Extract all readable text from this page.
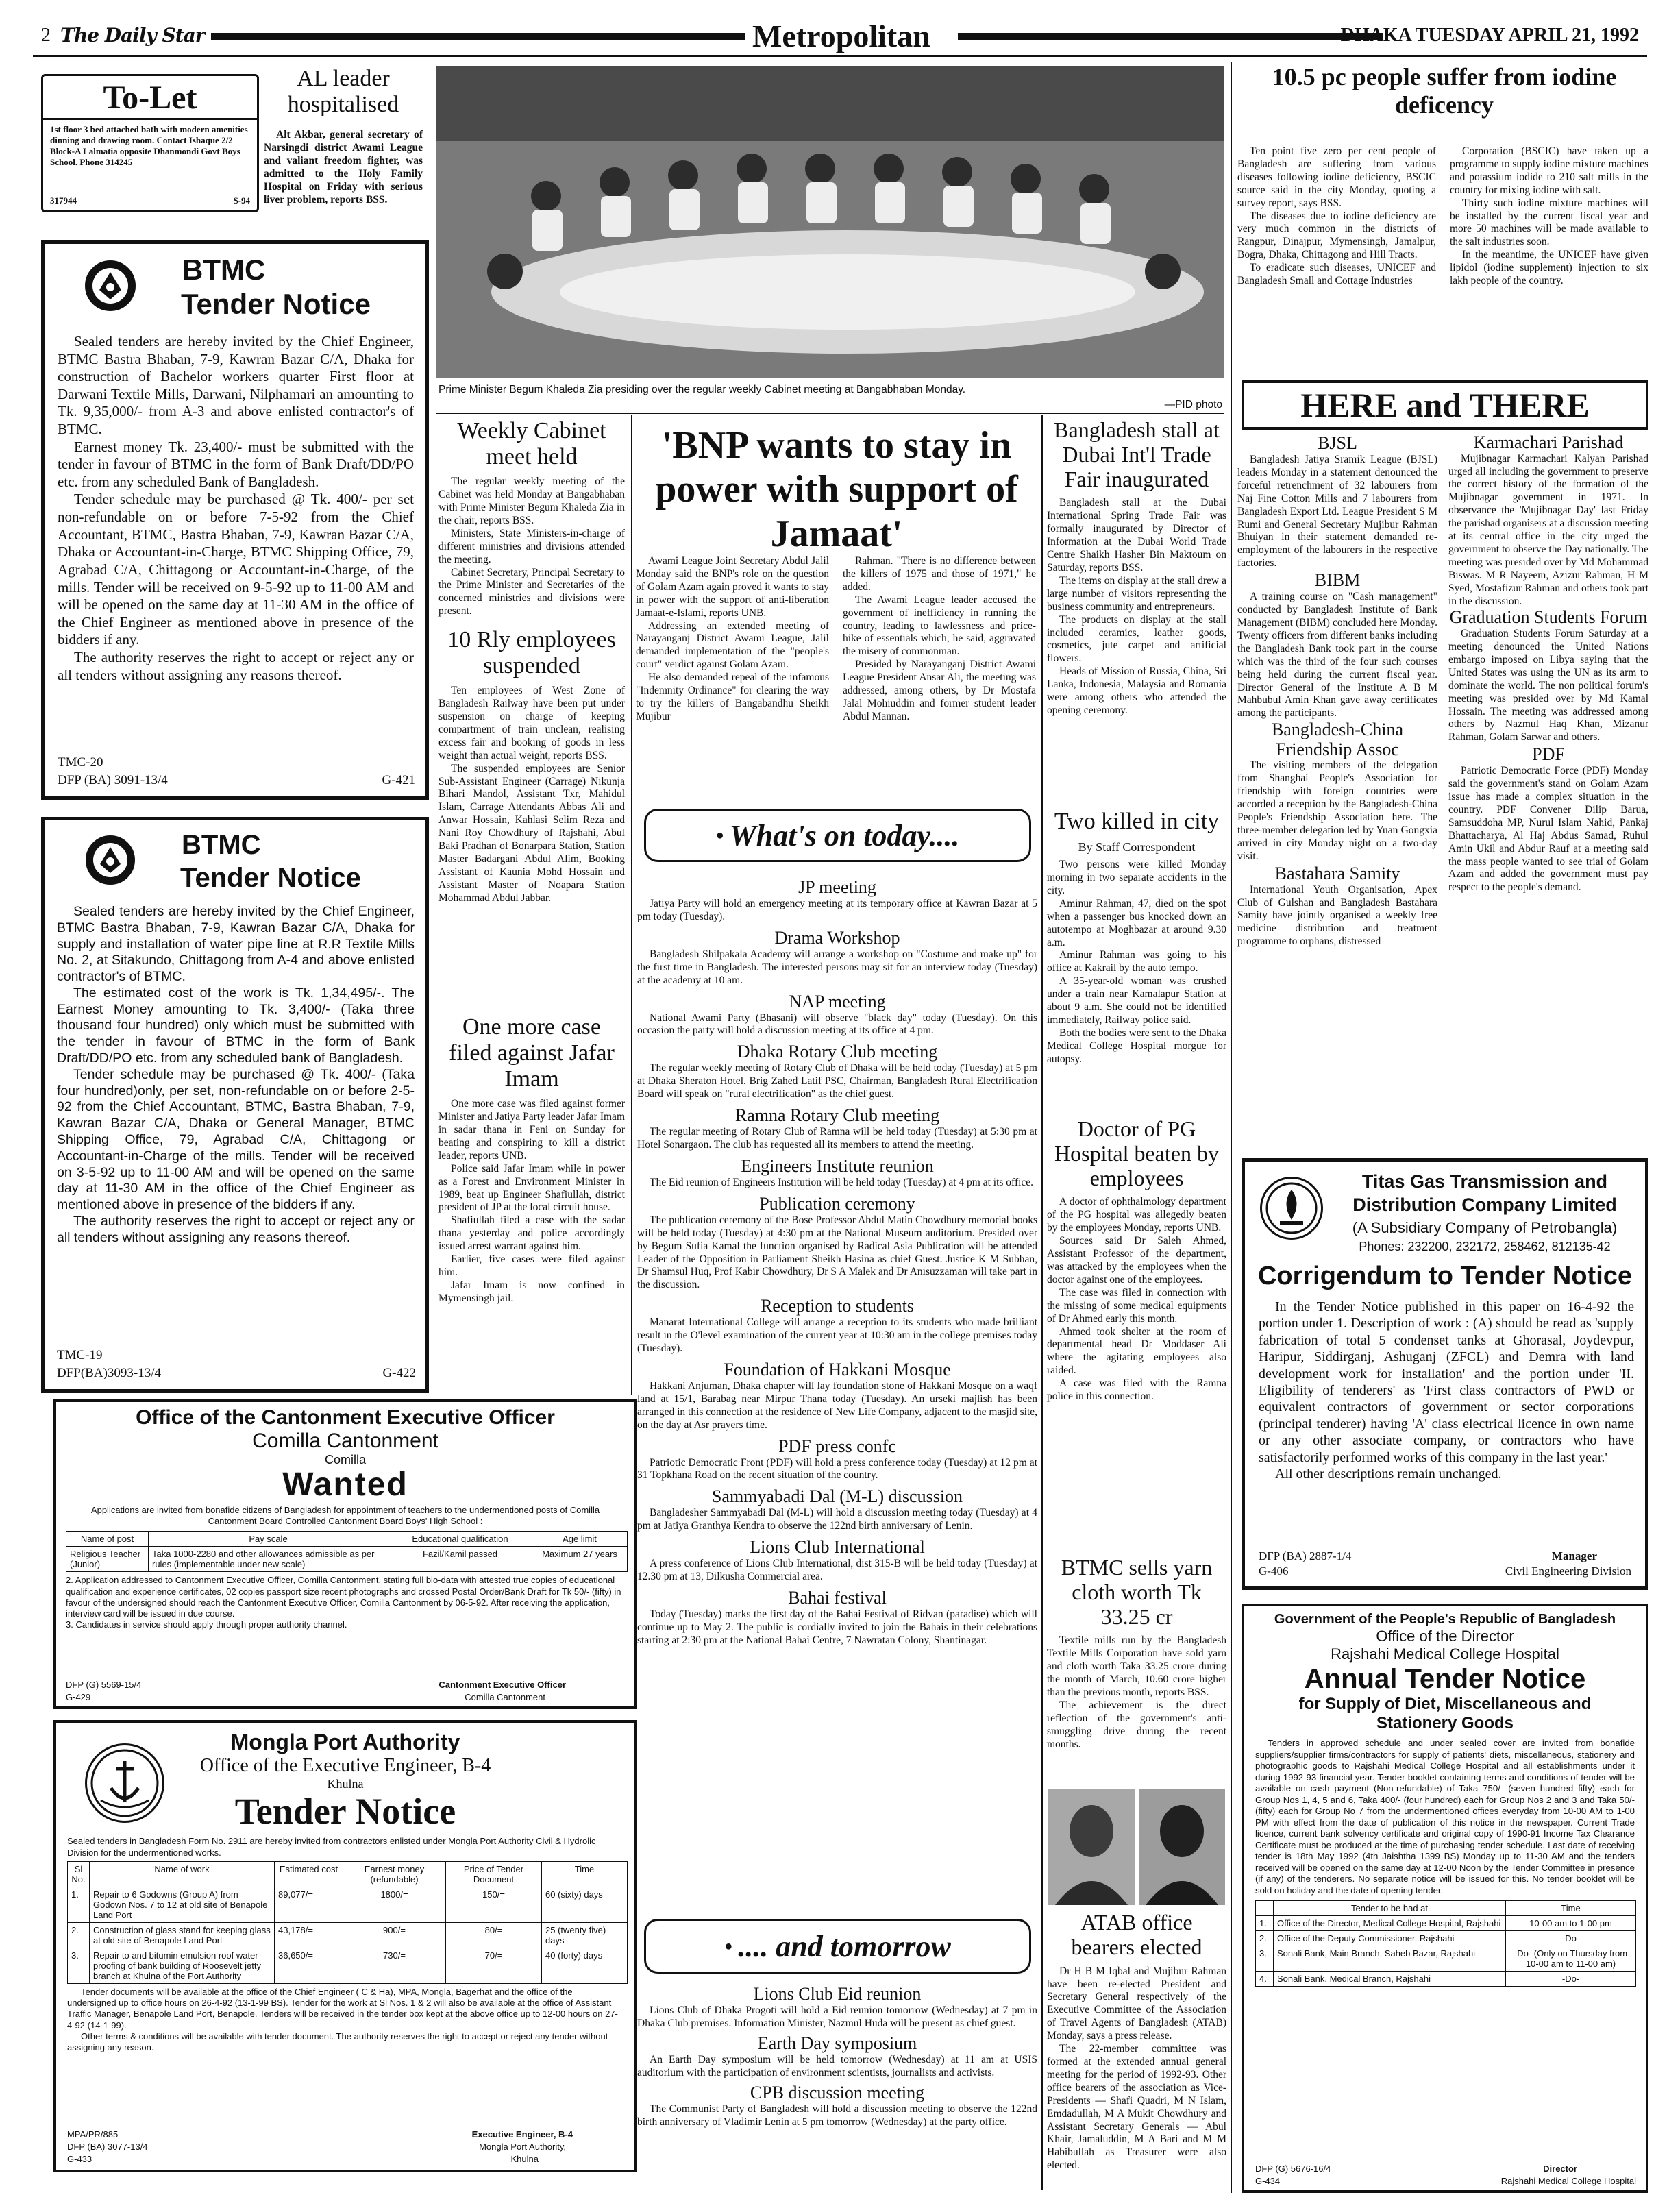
2 The Daily Star	Metropolitan	DHAKA TUESDAY APRIL 21, 1992
To-Let
1st floor 3 bed attached bath with modern amenities dinning and drawing room. Contact Ishaque 2/2 Block-A Lalmatia opposite Dhanmondi Govt Boys School. Phone 314245
317944	S-94
AL leader hospitalised
Alt Akbar, general secretary of Narsingdi district Awami League and valiant freedom fighter, was admitted to the Holy Family Hospital on Friday with serious liver problem, reports BSS.
BTMC
Tender Notice

Sealed tenders are hereby invited by the Chief Engineer, BTMC Bastra Bhaban, 7-9, Kawran Bazar C/A, Dhaka for construction of Bachelor workers quarter First floor at Darwani Textile Mills, Darwani, Nilphamari an amounting to Tk. 9,35,000/- from A-3 and above enlisted contractor's of BTMC.

Earnest money Tk. 23,400/- must be submitted with the tender in favour of BTMC in the form of Bank Draft/DD/PO etc. from any scheduled Bank of Bangladesh.

Tender schedule may be purchased @ Tk. 400/- per set non-refundable on or before 7-5-92 from the Chief Accountant, BTMC, Bastra Bhaban, 7-9, Kawran Bazar C/A, Dhaka or Accountant-in-Charge, BTMC Shipping Office, 79, Agrabad C/A, Chittagong or Accountant-in-Charge, of the mills. Tender will be received on 9-5-92 up to 11-00 AM and will be opened on the same day at 11-30 AM in the office of the Chief Engineer as mentioned above in presence of the bidders if any.

The authority reserves the right to accept or reject any or all tenders without assigning any reasons thereof.

TMC-20
DFP (BA) 3091-13/4	G-421
BTMC
Tender Notice

Sealed tenders are hereby invited by the Chief Engineer, BTMC Bastra Bhaban, 7-9, Kawran Bazar C/A, Dhaka for supply and installation of water pipe line at R.R Textile Mills No. 2, at Sitakundo, Chittagong from A-4 and above enlisted contractor's of BTMC.

The estimated cost of the work is Tk. 1,34,495/-. The Earnest Money amounting to Tk. 3,400/- (Taka three thousand four hundred) only which must be submitted with the tender in favour of BTMC in the form of Bank Draft/DD/PO etc. from any scheduled bank of Bangladesh.

Tender schedule may be purchased @ Tk. 400/- (Taka four hundred)only, per set, non-refundable on or before 2-5-92 from the Chief Accountant, BTMC, Bastra Bhaban, 7-9, Kawran Bazar C/A, Dhaka or General Manager, BTMC Shipping Office, 79, Agrabad C/A, Chittagong or Accountant-in-Charge of the mills. Tender will be received on 3-5-92 up to 11-00 AM and will be opened on the same day at 11-30 AM in the office of the Chief Engineer as mentioned above in presence of the bidders if any.

The authority reserves the right to accept or reject any or all tenders without assigning any reasons thereof.

TMC-19
DFP(BA)3093-13/4	G-422
Office of the Cantonment Executive Officer
Comilla Cantonment
Comilla
Wanted
Applications are invited from bonafide citizens of Bangladesh for appointment of teachers to the undermentioned posts of Comilla Cantonment Board Controlled Cantonment Board Boys' High School :
Name of post	Pay scale	Educational qualification	Age limit
Religious Teacher (Junior)	Taka 1000-2280 and other allowances admissible as per rules (implementable under new scale)	Fazil/Kamil passed	Maximum 27 years
2. Application addressed to Cantonment Executive Officer, Comilla Cantonment, stating full bio-data with attested true copies of educational qualification and experience certificates, 02 copies passport size recent photographs and crossed Postal Order/Bank Draft for Tk 50/- (fifty) in favour of the undersigned should reach the Cantonment Executive Officer, Comilla Cantonment by 06-5-92. After receiving the application, interview card will be issued in due course.
3. Candidates in service should apply through proper authority channel.
DFP (G) 5569-15/4
G-429
Cantonment Executive Officer
Comilla Cantonment
Mongla Port Authority
Office of the Executive Engineer, B-4
Khulna
Tender Notice
Sealed tenders in Bangladesh Form No. 2911 are hereby invited from contractors enlisted under Mongla Port Authority Civil & Hydrolic Division for the undermentioned works.
Sl No.	Name of work	Estimated cost	Earnest money (refundable)	Price of Tender Document	Time
1.	Repair to 6 Godowns (Group A) from Godown Nos. 7 to 12 at old site of Benapole Land Port	89,077/=	1800/=	150/=	60 (sixty) days
2.	Construction of glass stand for keeping glass at old site of Benapole Land Port	43,178/=	900/=	80/=	25 (twenty five) days
3.	Repair to and bitumin emulsion roof water proofing of bank building of Roosevelt jetty branch at Khulna of the Port Authority	36,650/=	730/=	70/=	40 (forty) days
Tender documents will be available at the office of the Chief Engineer ( C & Ha), MPA, Mongla, Bagerhat and the office of the undersigned up to office hours on 26-4-92 (13-1-99 BS). Tender for the work at Sl Nos. 1 & 2 will also be available at the office of Assistant Traffic Manager, Benapole Land Port, Benapole. Tenders will be received in the tender box kept at the above office up to 12-00 hours on 27-4-92 (14-1-99).
Other terms & conditions will be available with tender document. The authority reserves the right to accept or reject any tender without assigning any reason.
MPA/PR/885
DFP (BA) 3077-13/4
G-433
Executive Engineer, B-4
Mongla Port Authority,
Khulna
Prime Minister Begum Khaleda Zia presiding over the regular weekly Cabinet meeting at Bangabhaban Monday.
—PID photo
Weekly Cabinet meet held

The regular weekly meeting of the Cabinet was held Monday at Bangabhaban with Prime Minister Begum Khaleda Zia in the chair, reports BSS.

Ministers, State Ministers-in-charge of different ministries and divisions attended the meeting.

Cabinet Secretary, Principal Secretary to the Prime Minister and Secretaries of the concerned ministries and divisions were present.

10 Rly employees suspended

Ten employees of West Zone of Bangladesh Railway have been put under suspension on charge of keeping compartment of train unclean, realising excess fair and booking of goods in less weight than actual weight, reports BSS.

The suspended employees are Senior Sub-Assistant Engineer (Carrage) Nikunja Bihari Mandol, Assistant Txr, Mahidul Islam, Carrage Attendants Abbas Ali and Anwar Hossain, Kahlasi Selim Reza and Nani Roy Chowdhury of Rajshahi, Abul Baki Pradhan of Bonarpara Station, Station Master Badargani Abdul Alim, Booking Assistant of Kaunia Mohd Hossain and Assistant Master of Noapara Station Mohammad Abdul Jabbar.

One more case filed against Jafar Imam

One more case was filed against former Minister and Jatiya Party leader Jafar Imam in sadar thana in Feni on Sunday for beating and conspiring to kill a district leader, reports UNB.

Police said Jafar Imam while in power as a Forest and Environment Minister in 1989, beat up Engineer Shafiullah, district president of JP at the local circuit house.

Shafiullah filed a case with the sadar thana yesterday and police accordingly issued arrest warrant against him.

Earlier, five cases were filed against him.

Jafar Imam is now confined in Mymensingh jail.

'BNP wants to stay in power with support of Jamaat'

Awami League Joint Secretary Abdul Jalil Monday said the BNP's role on the question of Golam Azam again proved it wants to stay in power with the support of anti-liberation Jamaat-e-Islami, reports UNB.

Addressing an extended meeting of Narayanganj District Awami League, Jalil demanded implementation of the "people's court" verdict against Golam Azam.

He also demanded repeal of the infamous "Indemnity Ordinance" for clearing the way to try the killers of Bangabandhu Sheikh Mujibur

Rahman. "There is no difference between the killers of 1975 and those of 1971," he added.

The Awami League leader accused the government of inefficiency in running the country, leading to lawlessness and price-hike of essentials which, he said, aggravated the misery of commonman.

Presided by Narayanganj District Awami League President Ansar Ali, the meeting was addressed, among others, by Dr Mostafa Jalal Mohiuddin and former student leader Abdul Mannan.

● What's on today....
JP meeting
Jatiya Party will hold an emergency meeting at its temporary office at Kawran Bazar at 5 pm today (Tuesday).
Drama Workshop
Bangladesh Shilpakala Academy will arrange a workshop on "Costume and make up" for the first time in Bangladesh. The interested persons may sit for an interview today (Tuesday) at the academy at 10 am.
NAP meeting
National Awami Party (Bhasani) will observe "black day" today (Tuesday). On this occasion the party will hold a discussion meeting at its office at 4 pm.
Dhaka Rotary Club meeting
The regular weekly meeting of Rotary Club of Dhaka will be held today (Tuesday) at 5 pm at Dhaka Sheraton Hotel. Brig Zahed Latif PSC, Chairman, Bangladesh Rural Electrification Board will speak on "rural electrification" as the chief guest.
Ramna Rotary Club meeting
The regular meeting of Rotary Club of Ramna will be held today (Tuesday) at 5:30 pm at Hotel Sonargaon. The club has requested all its members to attend the meeting.
Engineers Institute reunion
The Eid reunion of Engineers Institution will be held today (Tuesday) at 4 pm at its office.
Publication ceremony
The publication ceremony of the Bose Professor Abdul Matin Chowdhury memorial books will be held today (Tuesday) at 4:30 pm at the National Museum auditorium. Presided over by Begum Sufia Kamal the function organised by Radical Asia Publication will be attended Leader of the Opposition in Parliament Sheikh Hasina as chief Guest. Justice K M Subhan, Dr Shamsul Huq, Prof Kabir Chowdhury, Dr S A Malek and Dr Anisuzzaman will take part in the discussion.
Reception to students
Manarat International College will arrange a reception to its students who made brilliant result in the O'level examination of the current year at 10:30 am in the college premises today (Tuesday).
Foundation of Hakkani Mosque
Hakkani Anjuman, Dhaka chapter will lay foundation stone of Hakkani Mosque on a waqf land at 15/1, Barabag near Mirpur Thana today (Tuesday). An urseki majlish has been arranged in this connection at the residence of New Life Company, adjacent to the masjid site, on the day at Asr prayers time.
PDF press confc
Patriotic Democratic Front (PDF) will hold a press conference today (Tuesday) at 12 pm at 31 Topkhana Road on the recent situation of the country.
Sammyabadi Dal (M-L) discussion
Bangladesher Sammyabadi Dal (M-L) will hold a discussion meeting today (Tuesday) at 4 pm at Jatiya Granthya Kendra to observe the 122nd birth anniversary of Lenin.
Lions Club International
A press conference of Lions Club International, dist 315-B will be held today (Tuesday) at 12.30 pm at 13, Dilkusha Commercial area.
Bahai festival
Today (Tuesday) marks the first day of the Bahai Festival of Ridvan (paradise) which will continue up to May 2. The public is cordially invited to join the Bahais in their celebrations starting at 2:30 pm at the National Bahai Centre, 7 Nawratan Colony, Shantinagar.
● .... and tomorrow
Lions Club Eid reunion
Lions Club of Dhaka Progoti will hold a Eid reunion tomorrow (Wednesday) at 7 pm in Dhaka Club premises. Information Minister, Nazmul Huda will be present as chief guest.
Earth Day symposium
An Earth Day symposium will be held tomorrow (Wednesday) at 11 am at USIS auditorium with the participation of environment scientists, journalists and activists.
CPB discussion meeting
The Communist Party of Bangladesh will hold a discussion meeting to observe the 122nd birth anniversary of Vladimir Lenin at 5 pm tomorrow (Wednesday) at the party office.
Bangladesh stall at Dubai Int'l Trade Fair inaugurated

Bangladesh stall at the Dubai International Spring Trade Fair was formally inaugurated by Director of Information at the Dubai World Trade Centre Shaikh Hasher Bin Maktoum on Saturday, reports BSS.

The items on display at the stall drew a large number of visitors representing the business community and entrepreneurs.

The products on display at the stall included ceramics, leather goods, cosmetics, jute carpet and artificial flowers.

Heads of Mission of Russia, China, Sri Lanka, Indonesia, Malaysia and Romania were among others who attended the opening ceremony.

Two killed in city
By Staff Correspondent

Two persons were killed Monday morning in two separate accidents in the city.

Aminur Rahman, 47, died on the spot when a passenger bus knocked down an autotempo at Moghbazar at around 9.30 a.m.

Aminur Rahman was going to his office at Kakrail by the auto tempo.

A 35-year-old woman was crushed under a train near Kamalapur Station at about 9 a.m. She could not be identified immediately, Railway police said.

Both the bodies were sent to the Dhaka Medical College Hospital morgue for autopsy.

Doctor of PG Hospital beaten by employees

A doctor of ophthalmology department of the PG hospital was allegedly beaten by the employees Monday, reports UNB.

Sources said Dr Saleh Ahmed, Assistant Professor of the department, was attacked by the employees when the doctor against one of the employees.

The case was filed in connection with the missing of some medical equipments of Dr Ahmed early this month.

Ahmed took shelter at the room of departmental head Dr Moddaser Ali where the agitating employees also raided.

A case was filed with the Ramna police in this connection.

BTMC sells yarn cloth worth Tk 33.25 cr

Textile mills run by the Bangladesh Textile Mills Corporation have sold yarn and cloth worth Taka 33.25 crore during the month of March, 10.60 crore higher than the previous month, reports BSS.

The achievement is the direct reflection of the government's anti-smuggling drive during the recent months.

ATAB office bearers elected

Dr H B M Iqbal and Mujibur Rahman have been re-elected President and Secretary General respectively of the Executive Committee of the Association of Travel Agents of Bangladesh (ATAB) Monday, says a press release.

The 22-member committee was formed at the extended annual general meeting for the period of 1992-93. Other office bearers of the association as Vice-Presidents — Shafi Quadri, M N Islam, Emdadullah, M A Mukit Chowdhury and Assistant Secretary Generals — Abul Khair, Jamaluddin, M A Bari and M M Habibullah as Treasurer were also elected.

10.5 pc people suffer from iodine deficency

Ten point five zero per cent people of Bangladesh are suffering from various diseases following iodine deficiency, BSCIC source said in the city Monday, quoting a survey report, says BSS.

The diseases due to iodine deficiency are very much common in the districts of Rangpur, Dinajpur, Mymensingh, Jamalpur, Bogra, Dhaka, Chittagong and Hill Tracts.

To eradicate such diseases, UNICEF and Bangladesh Small and Cottage Industries

Corporation (BSCIC) have taken up a programme to supply iodine mixture machines and potassium iodide to 210 salt mills in the country for mixing iodine with salt.

Thirty such iodine mixture machines will be installed by the current fiscal year and more 50 machines will be made available to the salt industries soon.

In the meantime, the UNICEF have given lipidol (iodine supplement) injection to six lakh people of the country.

HERE and THERE
BJSL
Bangladesh Jatiya Sramik League (BJSL) leaders Monday in a statement denounced the forceful retrenchment of 32 labourers from Naj Fine Cotton Mills and 7 labourers from Bangladesh Export Ltd. League President S M Rumi and General Secretary Mujibur Rahman Bhuiyan in their statement demanded re-employment of the labourers in the respective factories.
BIBM
A training course on "Cash management" conducted by Bangladesh Institute of Bank Management (BIBM) concluded here Monday. Twenty officers from different banks including the Bangladesh Bank took part in the course which was the third of the four such courses being held during the current fiscal year. Director General of the Institute A B M Mahbubul Amin Khan gave away certificates among the participants.
Bangladesh-China Friendship Assoc
The visiting members of the delegation from Shanghai People's Association for friendship with foreign countries were accorded a reception by the Bangladesh-China People's Friendship Association here. The three-member delegation led by Yuan Gongxia arrived in city Monday night on a two-day visit.
Bastahara Samity
International Youth Organisation, Apex Club of Gulshan and Bangladesh Bastahara Samity have jointly organised a weekly free medicine distribution and treatment programme to orphans, distressed
Karmachari Parishad
Mujibnagar Karmachari Kalyan Parishad urged all including the government to preserve the correct history of the formation of the Mujibnagar government in 1971. In observance the 'Mujibnagar Day' last Friday the parishad organisers at a discussion meeting at its central office in the city urged the government to observe the Day nationally. The meeting was presided over by Md Mohammad Biswas. M R Nayeem, Azizur Rahman, H M Syed, Mostafizur Rahman and others took part in the discussion.
Graduation Students Forum
Graduation Students Forum Saturday at a meeting denounced the United Nations embargo imposed on Libya saying that the United States was using the UN as its arm to dominate the world. The non political forum's meeting was presided over by Md Kamal Hossain. The meeting was addressed among others by Nazmul Haq Khan, Mizanur Rahman, Golam Sarwar and others.
PDF
Patriotic Democratic Force (PDF) Monday said the government's stand on Golam Azam issue has made a complex situation in the country. PDF Convener Dilip Barua, Samsuddoha MP, Nurul Islam Nahid, Pankaj Bhattacharya, Al Haj Abdus Samad, Ruhul Amin Ukil and Abdur Rauf at a meeting said the mass people wanted to see trial of Golam Azam and added the government must pay respect to the people's demand.
Titas Gas Transmission and
Distribution Company Limited
(A Subsidiary Company of Petrobangla)
Phones: 232200, 232172, 258462, 812135-42
Corrigendum to Tender Notice
In the Tender Notice published in this paper on 16-4-92 the portion under 1. Description of work : (A) should be read as 'supply fabrication of total 5 condenset tanks at Ghorasal, Joydevpur, Haripur, Siddirganj, Ashuganj (ZFCL) and Demra with land development work for installation' and the portion under 'II. Eligibility of tenderers' as 'First class contractors of PWD or equivalent contractors of government or sector corporations (principal tenderer) having 'A' class electrical licence in own name or any other associate company, or contractors who have satisfactorily performed works of this company in the last year.'
All other descriptions remain unchanged.
DFP (BA) 2887-1/4
G-406
Manager
Civil Engineering Division
Government of the People's Republic of Bangladesh
Office of the Director
Rajshahi Medical College Hospital
Annual Tender Notice
for Supply of Diet, Miscellaneous and Stationery Goods
Tenders in approved schedule and under sealed cover are invited from bonafide suppliers/supplier firms/contractors for supply of patients' diets, miscellaneous, stationery and photographic goods to Rajshahi Medical College Hospital and all establishments under it during 1992-93 financial year. Tender booklet containing terms and conditions of tender will be available on cash payment (Non-refundable) of Taka 750/- (seven hundred fifty) each for Group Nos 1, 4, 5 and 6, Taka 400/- (four hundred) each for Group Nos 2 and 3 and Taka 50/- (fifty) each for Group No 7 from the undermentioned offices everyday from 10-00 AM to 1-00 PM with effect from the date of publication of this notice in the newspaper. Current Trade licence, current bank solvency certificate and original copy of 1990-91 Income Tax Clearance Certificate must be produced at the time of purchasing tender schedule. Last date of receiving tender is 18th May 1992 (4th Jaishtha 1399 BS) Monday up to 11-30 AM and the tenders received will be opened on the same day at 12-00 Noon by the Tender Committee in presence (if any) of the tenderers. No separate notice will be issued for this. No tender booklet will be sold on holiday and the date of opening tender.
	Tender to be had at	Time
1.	Office of the Director, Medical College Hospital, Rajshahi	10-00 am to 1-00 pm
2.	Office of the Deputy Commissioner, Rajshahi	-Do-
3.	Sonali Bank, Main Branch, Saheb Bazar, Rajshahi	-Do- (Only on Thursday from 10-00 am to 11-00 am)
4.	Sonali Bank, Medical Branch, Rajshahi	-Do-
DFP (G) 5676-16/4
G-434
Director
Rajshahi Medical College Hospital
